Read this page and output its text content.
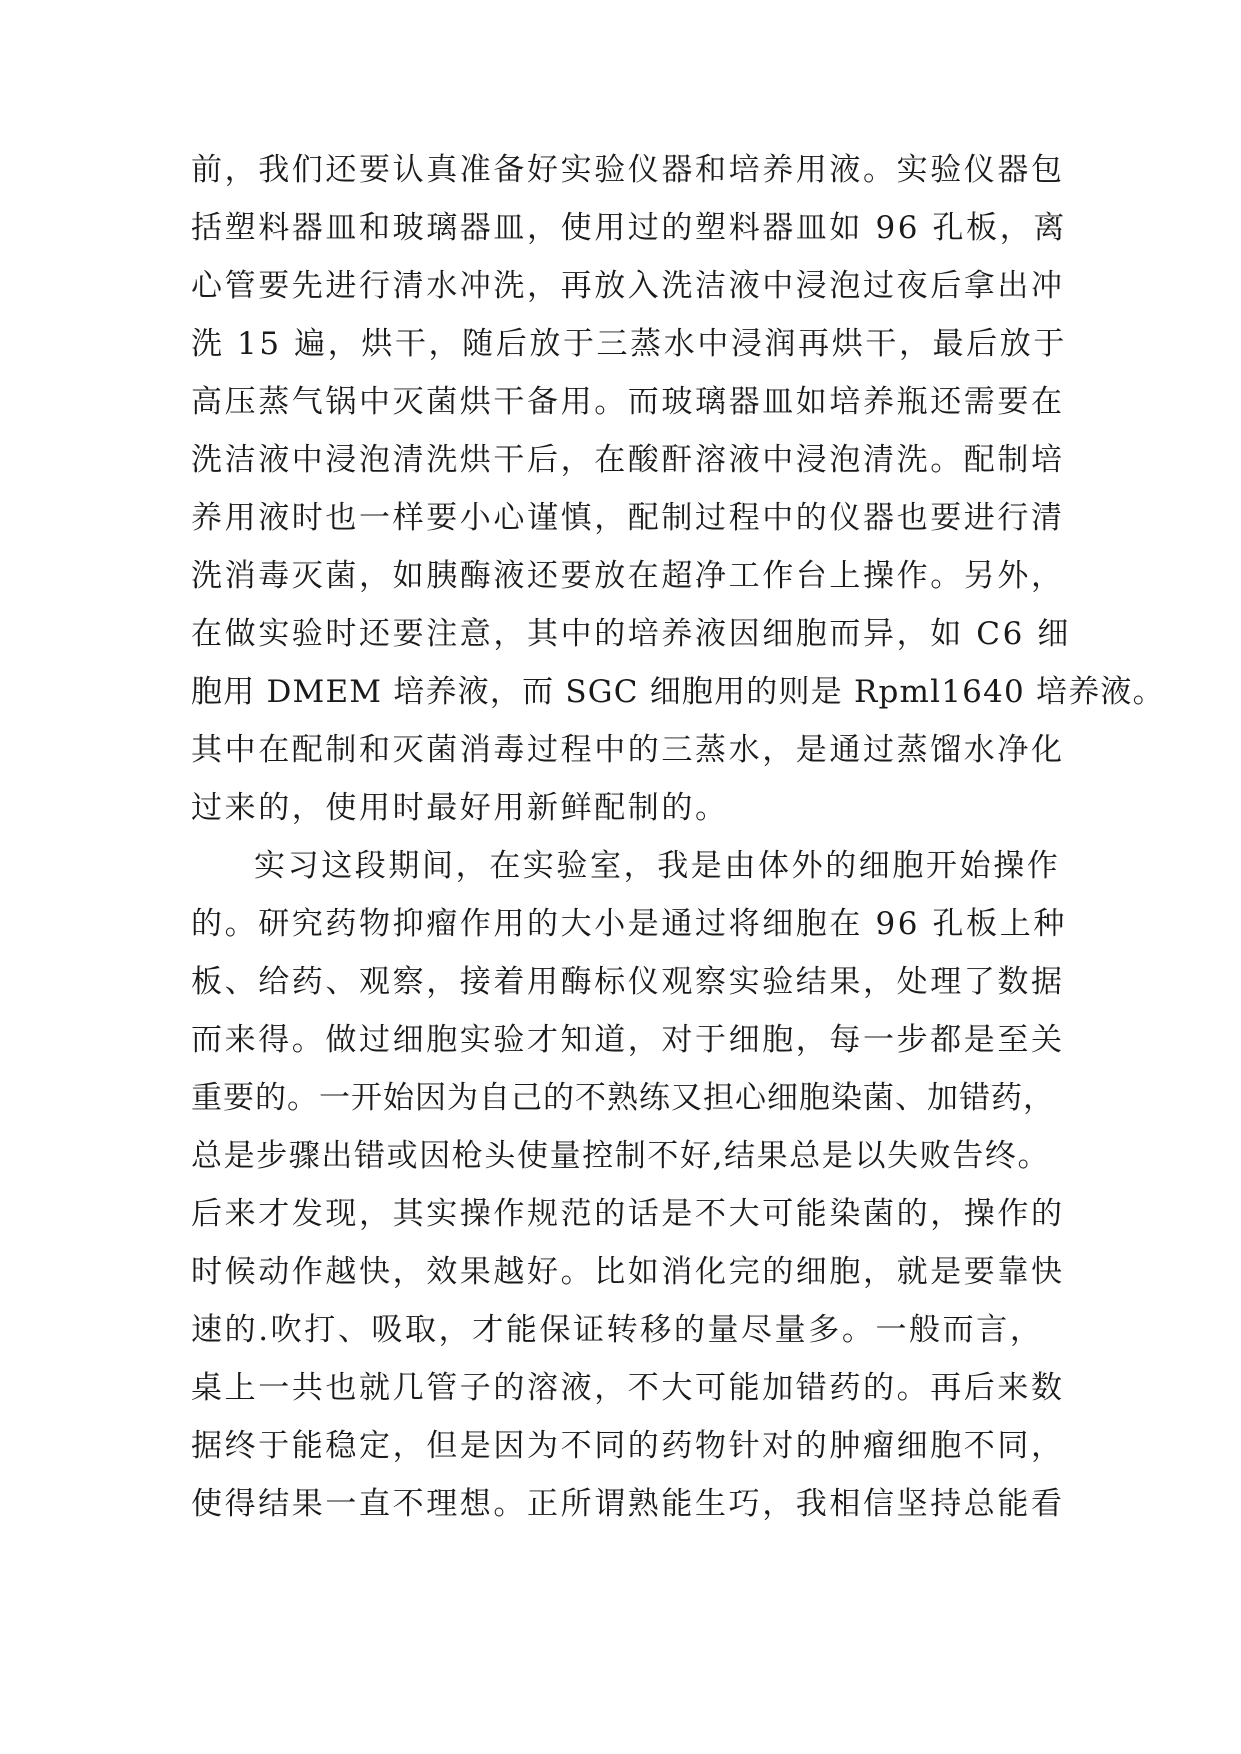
前，我们还要认真准备好实验仪器和培养用液。实验仪器包
括塑料器皿和玻璃器皿，使用过的塑料器皿如 96 孔板，离
心管要先进行清水冲洗，再放入洗洁液中浸泡过夜后拿出冲
洗 15 遍，烘干，随后放于三蒸水中浸润再烘干，最后放于
高压蒸气锅中灭菌烘干备用。而玻璃器皿如培养瓶还需要在
洗洁液中浸泡清洗烘干后，在酸酐溶液中浸泡清洗。配制培
养用液时也一样要小心谨慎，配制过程中的仪器也要进行清
洗消毒灭菌，如胰酶液还要放在超净工作台上操作。另外，
在做实验时还要注意，其中的培养液因细胞而异，如 C6 细
胞用 DMEM 培养液，而 SGC 细胞用的则是 Rpml1640 培养液。
其中在配制和灭菌消毒过程中的三蒸水，是通过蒸馏水净化
过来的，使用时最好用新鲜配制的。
实习这段期间，在实验室，我是由体外的细胞开始操作
的。研究药物抑瘤作用的大小是通过将细胞在 96 孔板上种
板、给药、观察，接着用酶标仪观察实验结果，处理了数据
而来得。做过细胞实验才知道，对于细胞，每一步都是至关
重要的。一开始因为自己的不熟练又担心细胞染菌、加错药，
总是步骤出错或因枪头使量控制不好,结果总是以失败告终。
后来才发现，其实操作规范的话是不大可能染菌的，操作的
时候动作越快，效果越好。比如消化完的细胞，就是要靠快
速的.吹打、吸取，才能保证转移的量尽量多。一般而言，
桌上一共也就几管子的溶液，不大可能加错药的。再后来数
据终于能稳定，但是因为不同的药物针对的肿瘤细胞不同，
使得结果一直不理想。正所谓熟能生巧，我相信坚持总能看
